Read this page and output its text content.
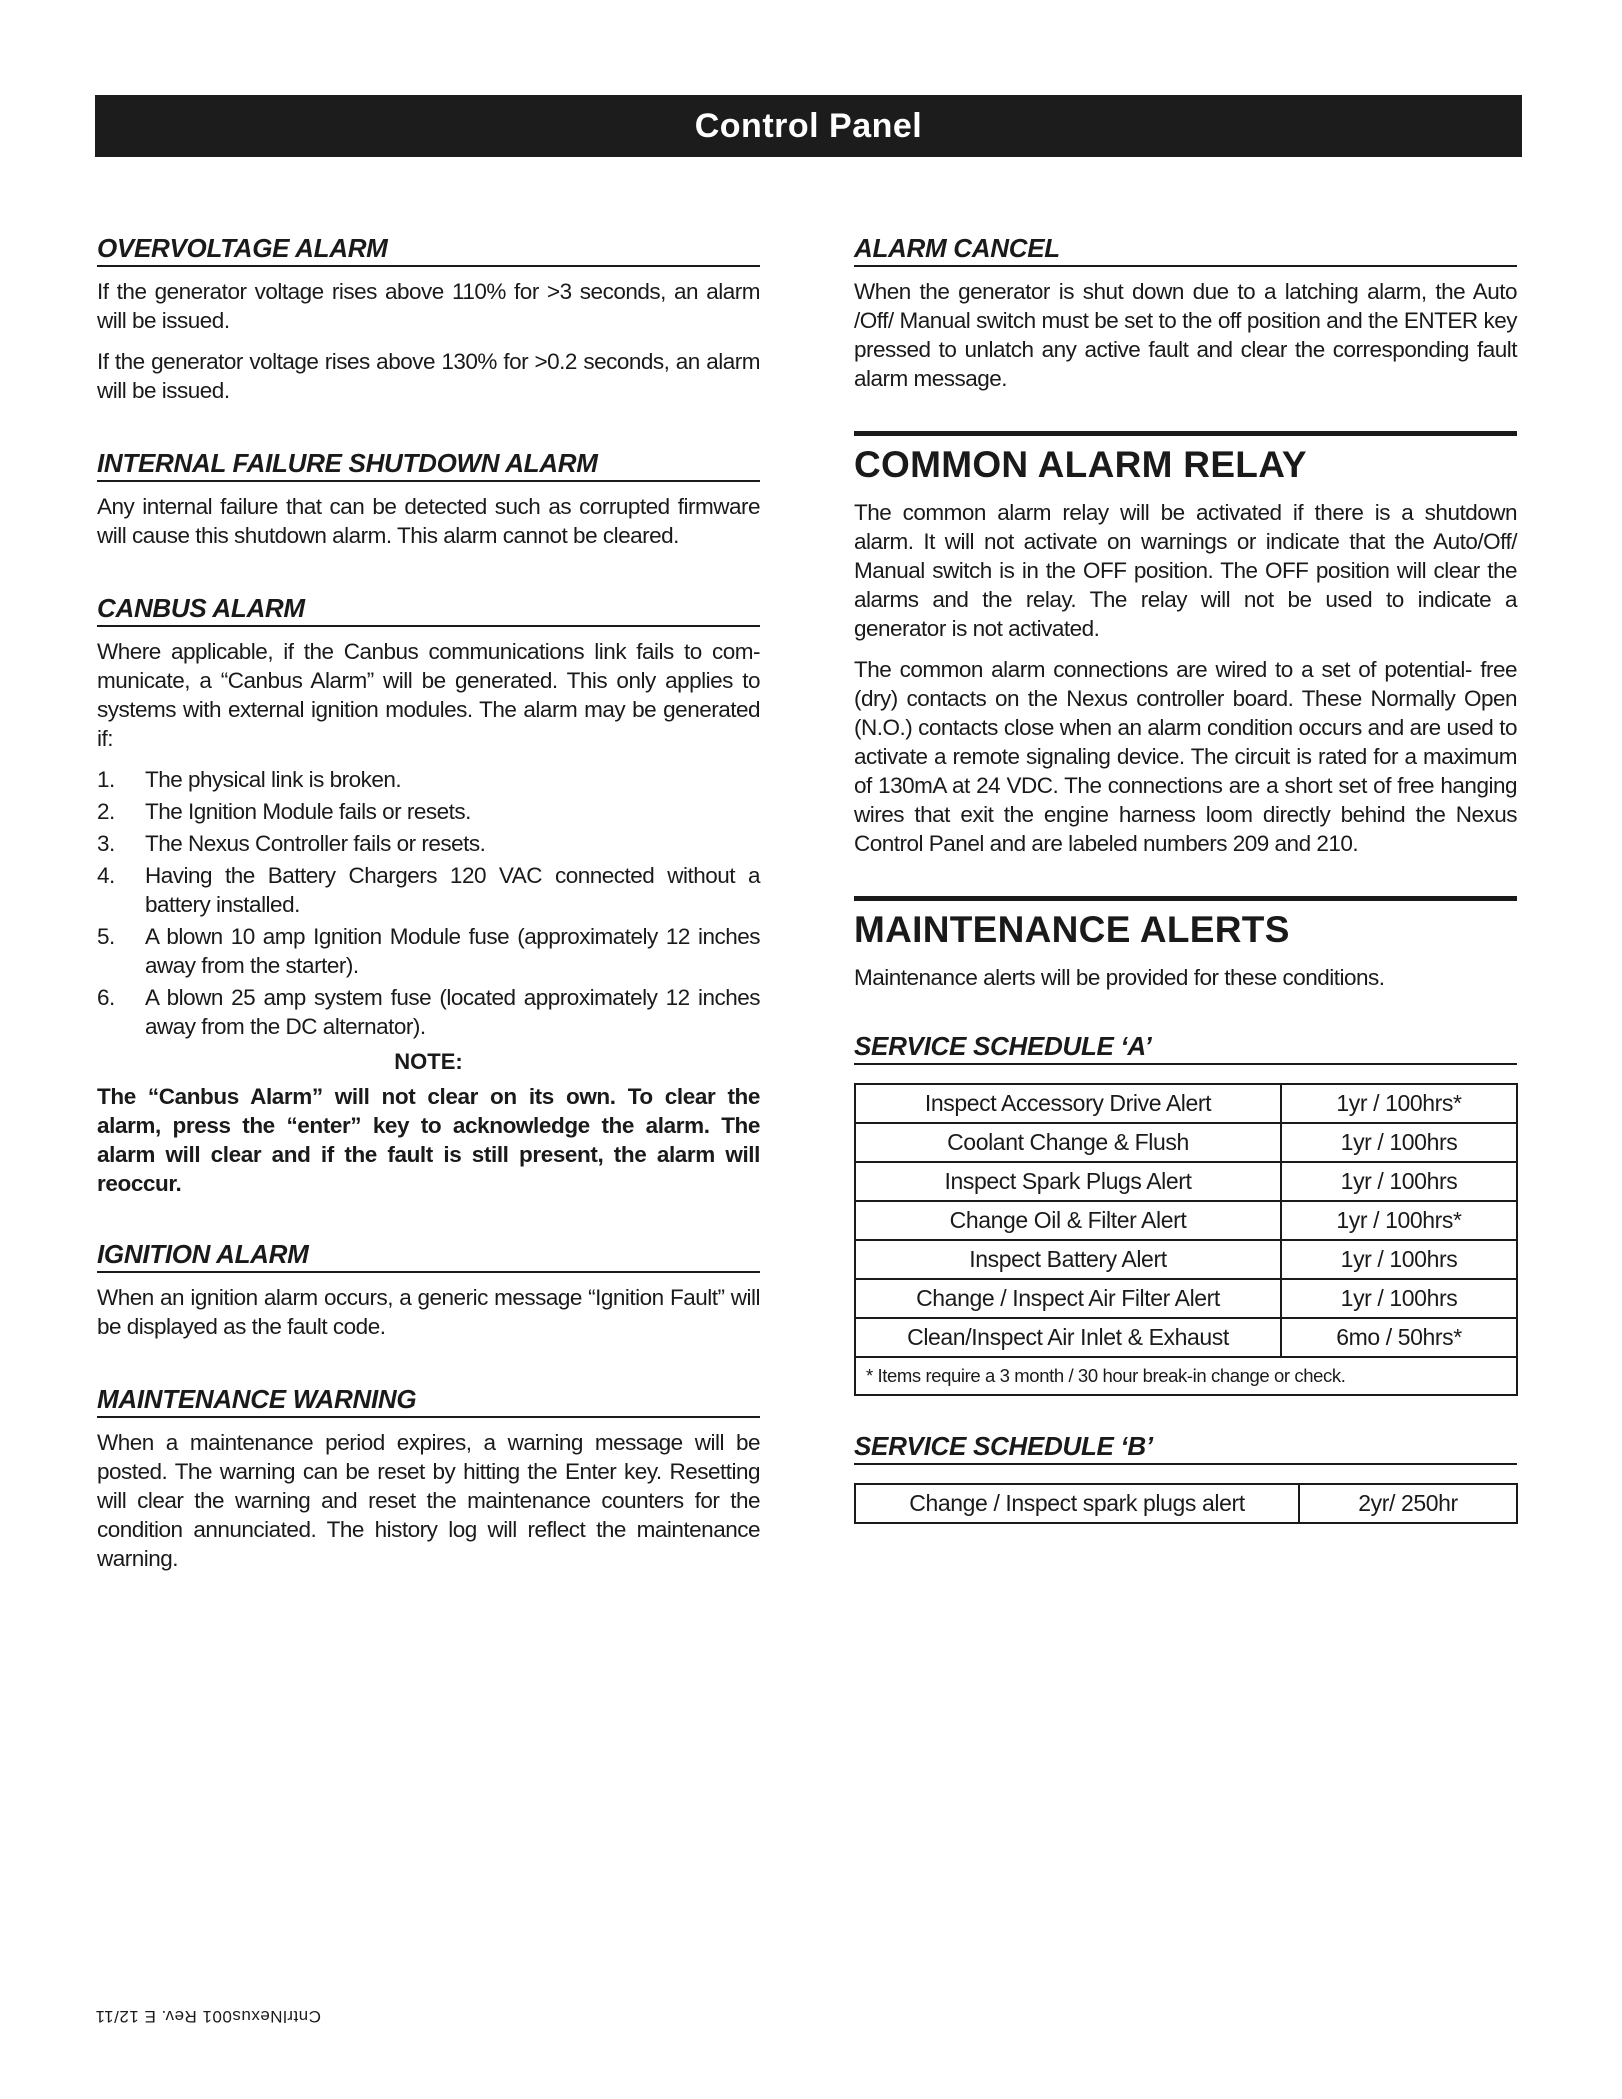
Control Panel
OVERVOLTAGE ALARM

If the generator voltage rises above 110% for >3 seconds, an alarm will be issued.

If the generator voltage rises above 130% for >0.2 seconds, an alarm will be issued.

INTERNAL FAILURE SHUTDOWN ALARM

Any internal failure that can be detected such as corrupted firmware will cause this shutdown alarm. This alarm cannot be cleared.

CANBUS ALARM

Where applicable, if the Canbus communications link fails to com- municate, a “Canbus Alarm” will be generated. This only applies to systems with external ignition modules. The alarm may be generated if:

1. The physical link is broken.
2. The Ignition Module fails or resets.
3. The Nexus Controller fails or resets.
4. Having the Battery Chargers 120 VAC connected without a battery installed.
5. A blown 10 amp Ignition Module fuse (approximately 12 inches away from the starter).
6. A blown 25 amp system fuse (located approximately 12 inches away from the DC alternator).
NOTE:

The “Canbus Alarm” will not clear on its own. To clear the alarm, press the “enter” key to acknowledge the alarm. The alarm will clear and if the fault is still present, the alarm will reoccur.

IGNITION ALARM

When an ignition alarm occurs, a generic message “Ignition Fault” will be displayed as the fault code.

MAINTENANCE WARNING

When a maintenance period expires, a warning message will be posted. The warning can be reset by hitting the Enter key. Resetting will clear the warning and reset the maintenance counters for the condition annunciated. The history log will reflect the maintenance warning.

ALARM CANCEL

When the generator is shut down due to a latching alarm, the Auto /Off/ Manual switch must be set to the off position and the ENTER key pressed to unlatch any active fault and clear the corresponding fault alarm message.

COMMON ALARM RELAY

The common alarm relay will be activated if there is a shutdown alarm. It will not activate on warnings or indicate that the Auto/Off/ Manual switch is in the OFF position. The OFF position will clear the alarms and the relay. The relay will not be used to indicate a generator is not activated.

The common alarm connections are wired to a set of potential- free (dry) contacts on the Nexus controller board. These Normally Open (N.O.) contacts close when an alarm condition occurs and are used to activate a remote signaling device. The circuit is rated for a maximum of 130mA at 24 VDC. The connections are a short set of free hanging wires that exit the engine harness loom directly behind the Nexus Control Panel and are labeled numbers 209 and 210.

MAINTENANCE ALERTS

Maintenance alerts will be provided for these conditions.

SERVICE SCHEDULE ‘A’
Inspect Accessory Drive Alert	1yr / 100hrs*
Coolant Change & Flush	1yr / 100hrs
Inspect Spark Plugs Alert	1yr / 100hrs
Change Oil & Filter Alert	1yr / 100hrs*
Inspect Battery Alert	1yr / 100hrs
Change / Inspect Air Filter Alert	1yr / 100hrs
Clean/Inspect Air Inlet & Exhaust	6mo / 50hrs*
* Items require a 3 month / 30 hour break-in change or check.	
SERVICE SCHEDULE ‘B’
Change / Inspect spark plugs alert	2yr/ 250hr
CntrlNexus001 Rev. E 12/11
